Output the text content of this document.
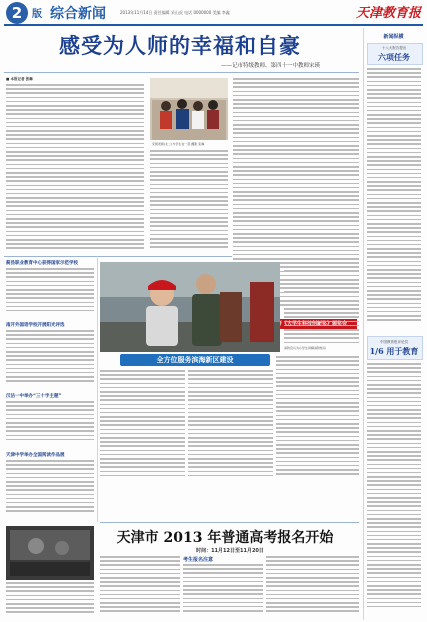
2 版 综合新闻	2013年11月14日 责任编辑 采山虎 电话 0000000 美编 李鑫	天津教育报
感受为人师的幸福和自豪
——记市特级教师、第四十一中教师宋瑛
■ 本报记者 张琳
宋瑛老师(左二)与学生在一起 摄影 张琳
蓟县职业教育中心获得国家示范学校
南开外国语学校开展阳光评选
汉沽一中举办“三十字主题”
天津中学举办全国阅读作品展
消防官兵为小学生讲解消防知识
全方位服务滨海新区建设
天津市 2013 年普通高考报名开始
时间：11月12日至11月20日
考生报名注意
新闻纵横
十八大报告提出
六项任务
中国教育报评论员
1/6 用于教育
